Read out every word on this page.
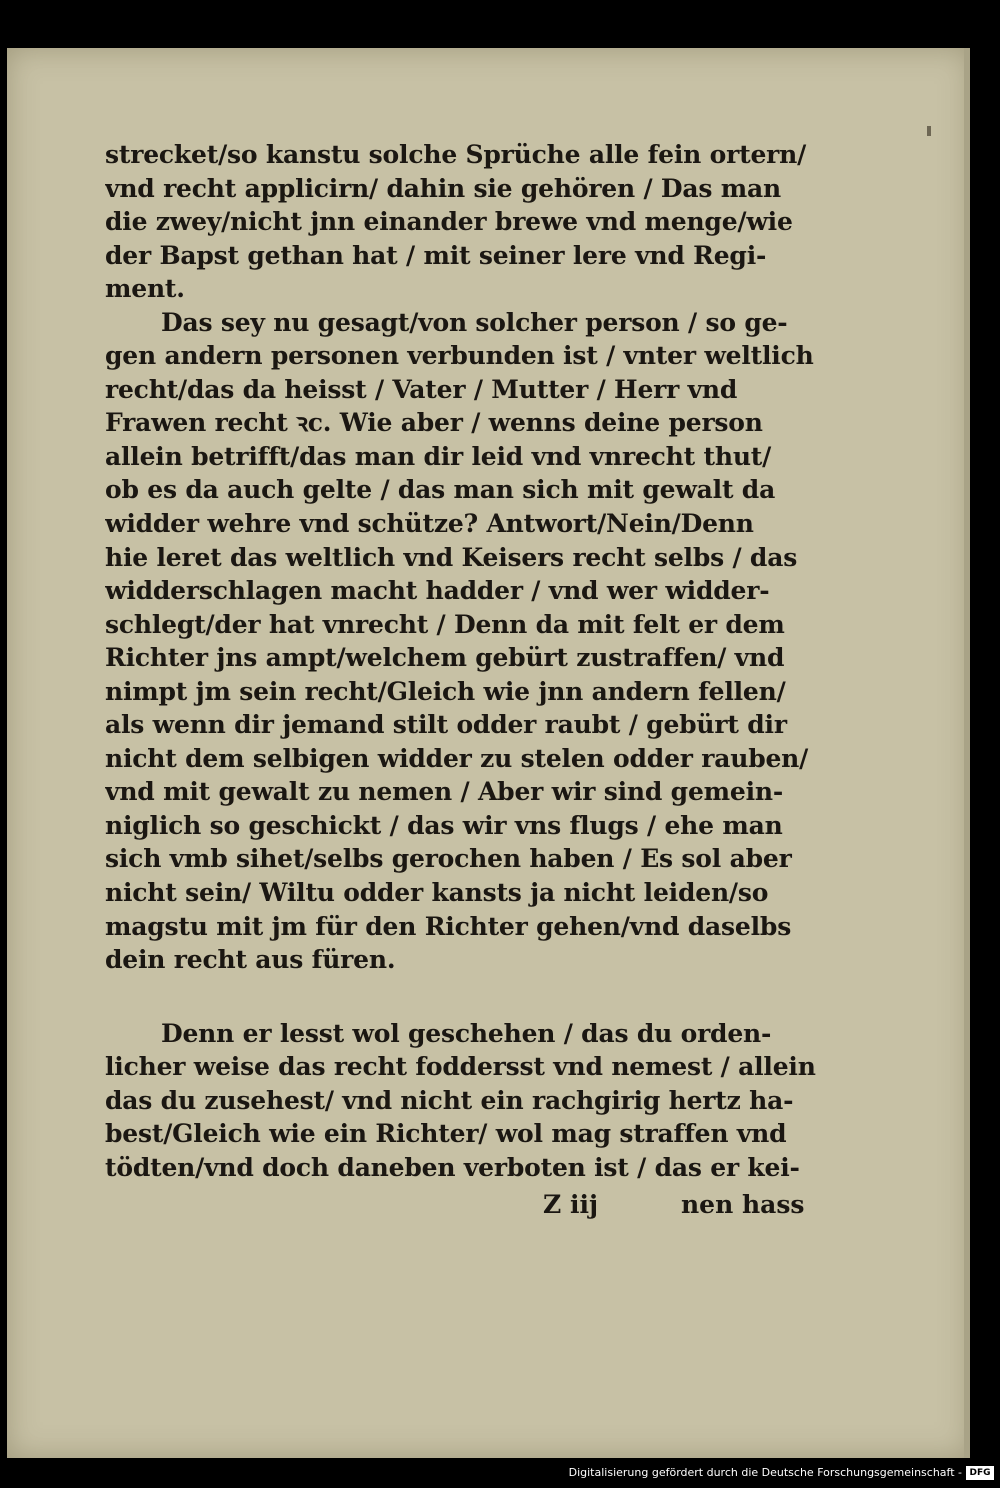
strecket/so kanstu solche Sprüche alle fein ortern/
vnd recht applicirn/ dahin sie gehören / Das man
die zwey/nicht jnn einander brewe vnd menge/wie
der Bapst gethan hat / mit seiner lere vnd Regi-
ment.
Das sey nu gesagt/von solcher person / so ge-
gen andern personen verbunden ist / vnter weltlich
recht/das da heisst / Vater / Mutter / Herr vnd
Frawen recht ꝛc. Wie aber / wenns deine person
allein betrifft/das man dir leid vnd vnrecht thut/
ob es da auch gelte / das man sich mit gewalt da
widder wehre vnd schütze? Antwort/Nein/Denn
hie leret das weltlich vnd Keisers recht selbs / das
widderschlagen macht hadder / vnd wer widder-
schlegt/der hat vnrecht / Denn da mit felt er dem
Richter jns ampt/welchem gebürt zustraffen/ vnd
nimpt jm sein recht/Gleich wie jnn andern fellen/
als wenn dir jemand stilt odder raubt / gebürt dir
nicht dem selbigen widder zu stelen odder rauben/
vnd mit gewalt zu nemen / Aber wir sind gemein-
niglich so geschickt / das wir vns flugs / ehe man
sich vmb sihet/selbs gerochen haben / Es sol aber
nicht sein/ Wiltu odder kansts ja nicht leiden/so
magstu mit jm für den Richter gehen/vnd daselbs
dein recht aus füren.
Denn er lesst wol geschehen / das du orden-
licher weise das recht foddersst vnd nemest / allein
das du zusehest/ vnd nicht ein rachgirig hertz ha-
best/Gleich wie ein Richter/ wol mag straffen vnd
tödten/vnd doch daneben verboten ist / das er kei-
Z iij	nen hass
Digitalisierung gefördert durch die Deutsche Forschungsgemeinschaft - DFG
